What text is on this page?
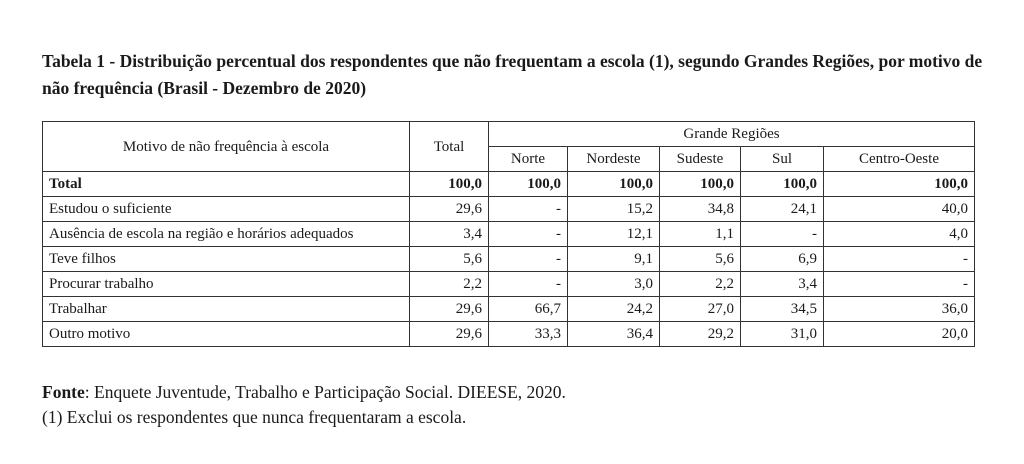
Tabela 1 - Distribuição percentual dos respondentes que não frequentam a escola (1), segundo Grandes Regiões, por motivo de não frequência (Brasil - Dezembro de 2020)

Motivo de não frequência à escola	Total	Grande Regiões				
		Norte	Nordeste	Sudeste	Sul	Centro-Oeste
Total	100,0	100,0	100,0	100,0	100,0	100,0
Estudou o suficiente	29,6	-	15,2	34,8	24,1	40,0
Ausência de escola na região e horários adequados	3,4	-	12,1	1,1	-	4,0
Teve filhos	5,6	-	9,1	5,6	6,9	-
Procurar trabalho	2,2	-	3,0	2,2	3,4	-
Trabalhar	29,6	66,7	24,2	27,0	34,5	36,0
Outro motivo	29,6	33,3	36,4	29,2	31,0	20,0

Fonte: Enquete Juventude, Trabalho e Participação Social. DIEESE, 2020.

(1) Exclui os respondentes que nunca frequentaram a escola.
